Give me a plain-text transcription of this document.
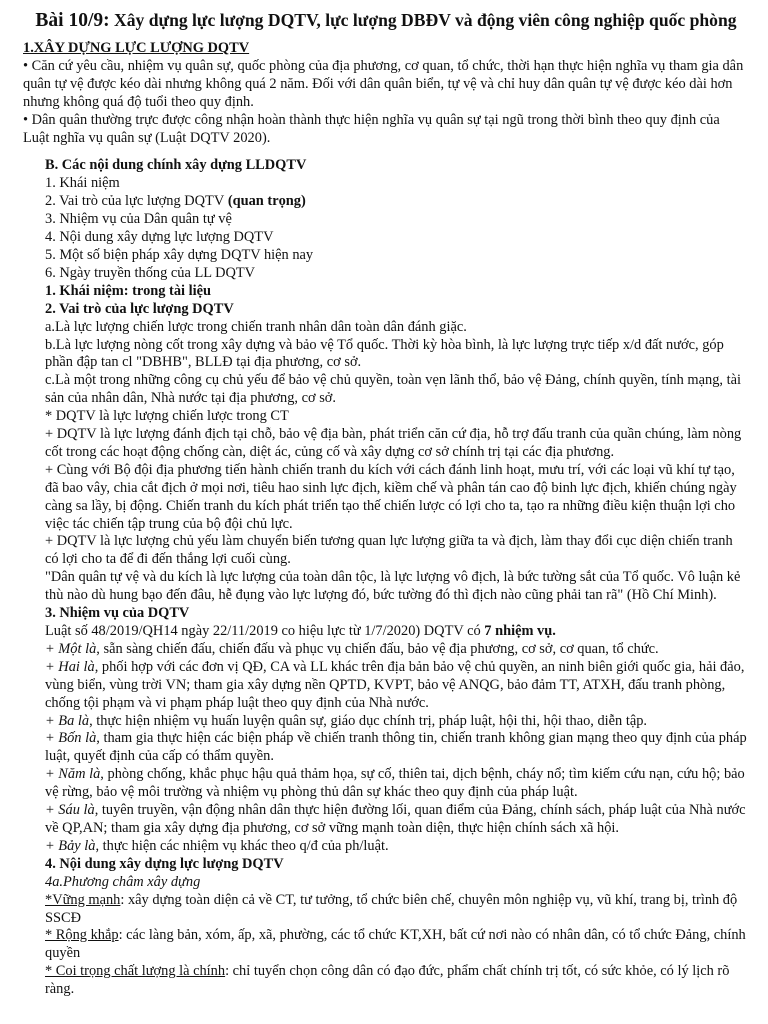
Bài 10/9: Xây dựng lực lượng DQTV, lực lượng DBĐV và động viên công nghiệp quốc phòng
1.XÂY DỰNG LỰC LƯỢNG DQTV

• Căn cứ yêu cầu, nhiệm vụ quân sự, quốc phòng của địa phương, cơ quan, tổ chức, thời hạn thực hiện nghĩa vụ tham gia dân quân tự vệ được kéo dài nhưng không quá 2 năm. Đối với dân quân biển, tự vệ và chỉ huy dân quân tự vệ được kéo dài hơn nhưng không quá độ tuổi theo quy định.

• Dân quân thường trực được công nhận hoàn thành thực hiện nghĩa vụ quân sự tại ngũ trong thời bình theo quy định của Luật nghĩa vụ quân sự (Luật DQTV 2020).

B. Các nội dung chính xây dựng LLDQTV

1. Khái niệm

2. Vai trò của lực lượng DQTV (quan trọng)

3. Nhiệm vụ của Dân quân tự vệ

4. Nội dung xây dựng lực lượng DQTV

5. Một số biện pháp xây dựng DQTV hiện nay

6. Ngày truyền thống của LL DQTV

1. Khái niệm: trong tài liệu

2. Vai trò của lực lượng DQTV

a.Là lực lượng chiến lược trong chiến tranh nhân dân toàn dân đánh giặc.

b.Là lực lượng nòng cốt trong xây dựng và bảo vệ Tổ quốc. Thời kỳ hòa bình, là lực lượng trực tiếp x/d đất nước, góp phần đập tan cl "DBHB", BLLĐ tại địa phương, cơ sở.

c.Là một trong những công cụ chủ yếu để bảo vệ chủ quyền, toàn vẹn lãnh thổ, bảo vệ Đảng, chính quyền, tính mạng, tài sản của nhân dân, Nhà nước tại địa phương, cơ sở.

* DQTV là lực lượng chiến lược trong CT

+ DQTV là lực lượng đánh địch tại chỗ, bảo vệ địa bàn, phát triển căn cứ địa, hỗ trợ đấu tranh của quần chúng, làm nòng cốt trong các hoạt động chống càn, diệt ác, củng cố và xây dựng cơ sở chính trị tại các địa phương.

+ Cùng với Bộ đội địa phương tiến hành chiến tranh du kích với cách đánh linh hoạt, mưu trí, với các loại vũ khí tự tạo, đã bao vây, chia cắt địch ở mọi nơi, tiêu hao sinh lực địch, kiềm chế và phân tán cao độ binh lực địch, khiến chúng ngày càng sa lầy, bị động. Chiến tranh du kích phát triển tạo thế chiến lược có lợi cho ta, tạo ra những điều kiện thuận lợi cho việc tác chiến tập trung của bộ đội chủ lực.

+ DQTV là lực lượng chủ yếu làm chuyển biến tương quan lực lượng giữa ta và địch, làm thay đổi cục diện chiến tranh có lợi cho ta để đi đến thắng lợi cuối cùng.

"Dân quân tự vệ và du kích là lực lượng của toàn dân tộc, là lực lượng vô địch, là bức tường sắt của Tổ quốc. Vô luận kẻ thù nào dù hung bạo đến đâu, hễ đụng vào lực lượng đó, bức tường đó thì địch nào cũng phải tan rã" (Hồ Chí Minh).

3. Nhiệm vụ của DQTV

Luật số 48/2019/QH14 ngày 22/11/2019 co hiệu lực từ 1/7/2020) DQTV có 7 nhiệm vụ.

+ Một là, sẵn sàng chiến đấu, chiến đấu và phục vụ chiến đấu, bảo vệ địa phương, cơ sở, cơ quan, tổ chức.

+ Hai là, phối hợp với các đơn vị QĐ, CA và LL khác trên địa bản bảo vệ chủ quyền, an ninh biên giới quốc gia, hải đảo, vùng biển, vùng trời VN; tham gia xây dựng nền QPTD, KVPT, bảo vệ ANQG, bảo đảm TT, ATXH, đấu tranh phòng, chống tội phạm và vi phạm pháp luật theo quy định của Nhà nước.

+ Ba là, thực hiện nhiệm vụ huấn luyện quân sự, giáo dục chính trị, pháp luật, hội thi, hội thao, diễn tập.

+ Bốn là, tham gia thực hiện các biện pháp về chiến tranh thông tin, chiến tranh không gian mạng theo quy định của pháp luật, quyết định của cấp có thẩm quyền.

+ Năm là, phòng chống, khắc phục hậu quả thảm họa, sự cố, thiên tai, dịch bệnh, cháy nổ; tìm kiếm cứu nạn, cứu hộ; bảo vệ rừng, bảo vệ môi trường và nhiệm vụ phòng thủ dân sự khác theo quy định của pháp luật.

+ Sáu là, tuyên truyền, vận động nhân dân thực hiện đường lối, quan điểm của Đảng, chính sách, pháp luật của Nhà nước về QP,AN; tham gia xây dựng địa phương, cơ sở vững mạnh toàn diện, thực hiện chính sách xã hội.

+ Bảy là, thực hiện các nhiệm vụ khác theo q/đ của ph/luật.

4. Nội dung xây dựng lực lượng DQTV

4a.Phương châm xây dựng

*Vững mạnh: xây dựng toàn diện cả về CT, tư tưởng, tổ chức biên chế, chuyên môn nghiệp vụ, vũ khí, trang bị, trình độ SSCĐ

* Rộng khắp: các làng bản, xóm, ấp, xã, phường, các tổ chức KT,XH, bất cứ nơi nào có nhân dân, có tổ chức Đảng, chính quyền

* Coi trọng chất lượng là chính: chỉ tuyển chọn công dân có đạo đức, phẩm chất chính trị tốt, có sức khỏe, có lý lịch rõ ràng.
